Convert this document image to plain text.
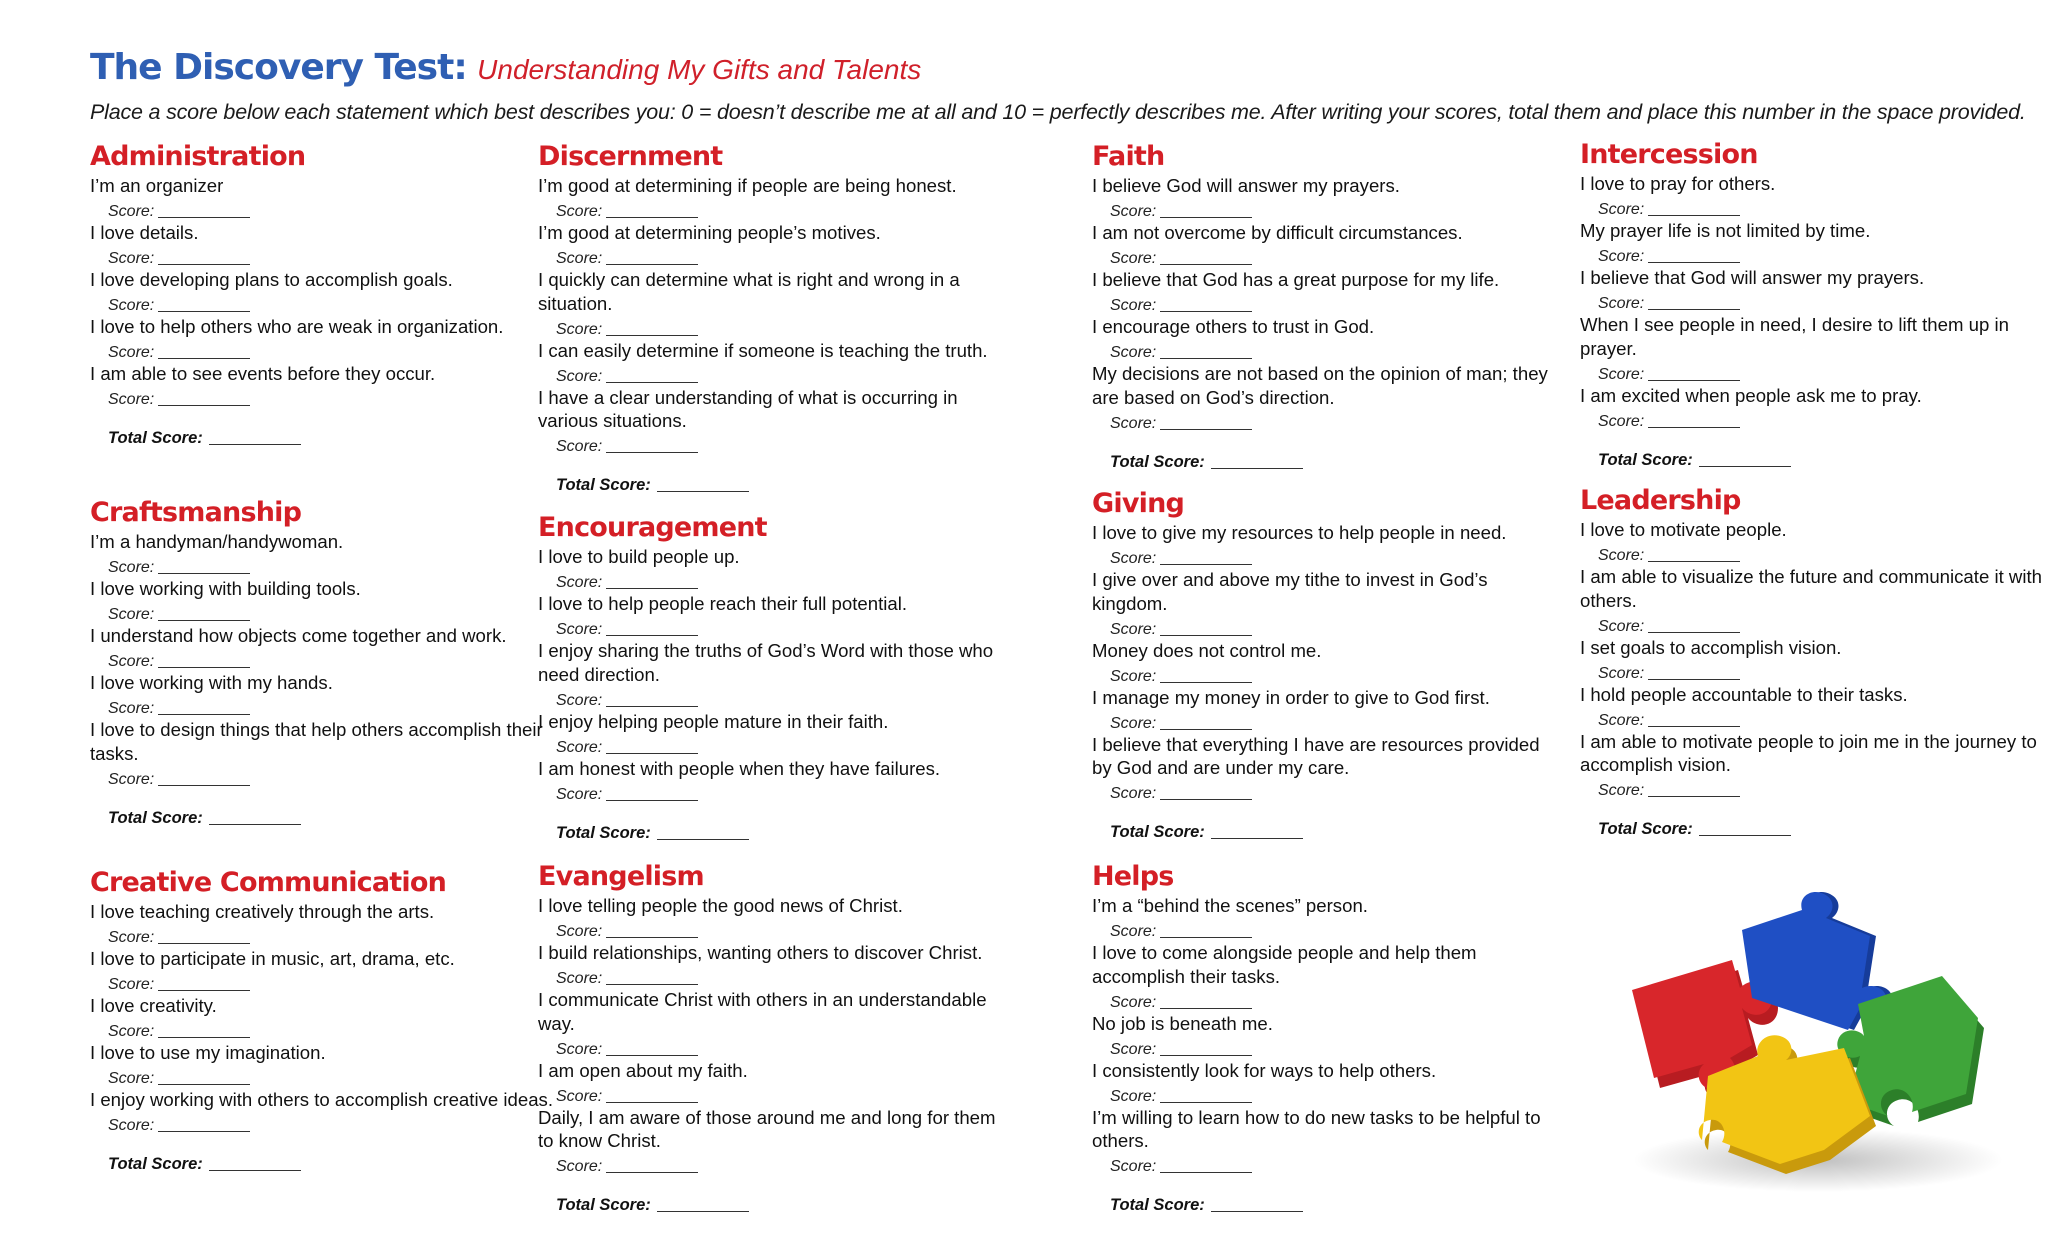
The Discovery Test: Understanding My Gifts and Talents
Place a score below each statement which best describes you: 0 = doesn’t describe me at all and 10 = perfectly describes me. After writing your scores, total them and place this number in the space provided.
Administration
I’m an organizer
Score:
I love details.
Score:
I love developing plans to accomplish goals.
Score:
I love to help others who are weak in organization.
Score:
I am able to see events before they occur.
Score:
Total Score:
Craftsmanship
I’m a handyman/handywoman.
Score:
I love working with building tools.
Score:
I understand how objects come together and work.
Score:
I love working with my hands.
Score:
I love to design things that help others accomplish their tasks.
Score:
Total Score:
Creative Communication
I love teaching creatively through the arts.
Score:
I love to participate in music, art, drama, etc.
Score:
I love creativity.
Score:
I love to use my imagination.
Score:
I enjoy working with others to accomplish creative ideas.
Score:
Total Score:
Discernment
I’m good at determining if people are being honest.
Score:
I’m good at determining people’s motives.
Score:
I quickly can determine what is right and wrong in a situation.
Score:
I can easily determine if someone is teaching the truth.
Score:
I have a clear understanding of what is occurring in various situations.
Score:
Total Score:
Encouragement
I love to build people up.
Score:
I love to help people reach their full potential.
Score:
I enjoy sharing the truths of God’s Word with those who need direction.
Score:
I enjoy helping people mature in their faith.
Score:
I am honest with people when they have failures.
Score:
Total Score:
Evangelism
I love telling people the good news of Christ.
Score:
I build relationships, wanting others to discover Christ.
Score:
I communicate Christ with others in an understandable way.
Score:
I am open about my faith.
Score:
Daily, I am aware of those around me and long for them to know Christ.
Score:
Total Score:
Faith
I believe God will answer my prayers.
Score:
I am not overcome by difficult circumstances.
Score:
I believe that God has a great purpose for my life.
Score:
I encourage others to trust in God.
Score:
My decisions are not based on the opinion of man; they are based on God’s direction.
Score:
Total Score:
Giving
I love to give my resources to help people in need.
Score:
I give over and above my tithe to invest in God’s kingdom.
Score:
Money does not control me.
Score:
I manage my money in order to give to God first.
Score:
I believe that everything I have are resources provided by God and are under my care.
Score:
Total Score:
Helps
I’m a “behind the scenes” person.
Score:
I love to come alongside people and help them accomplish their tasks.
Score:
No job is beneath me.
Score:
I consistently look for ways to help others.
Score:
I’m willing to learn how to do new tasks to be helpful to others.
Score:
Total Score:
Intercession
I love to pray for others.
Score:
My prayer life is not limited by time.
Score:
I believe that God will answer my prayers.
Score:
When I see people in need, I desire to lift them up in prayer.
Score:
I am excited when people ask me to pray.
Score:
Total Score:
Leadership
I love to motivate people.
Score:
I am able to visualize the future and communicate it with others.
Score:
I set goals to accomplish vision.
Score:
I hold people accountable to their tasks.
Score:
I am able to motivate people to join me in the journey to accomplish vision.
Score:
Total Score:
